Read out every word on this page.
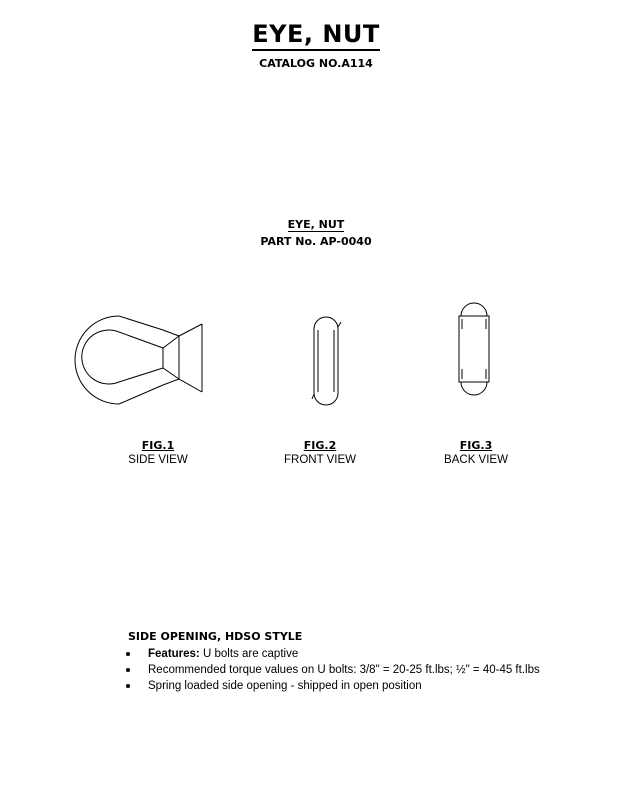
EYE, NUT
CATALOG NO.A114
EYE, NUT
PART No. AP-0040
FIG.1
SIDE VIEW
FIG.2
FRONT VIEW
FIG.3
BACK VIEW
SIDE OPENING, HDSO STYLE
Features: U bolts are captive
Recommended torque values on U bolts: 3/8" = 20-25 ft.lbs; ½" = 40-45 ft.lbs
Spring loaded side opening - shipped in open position
